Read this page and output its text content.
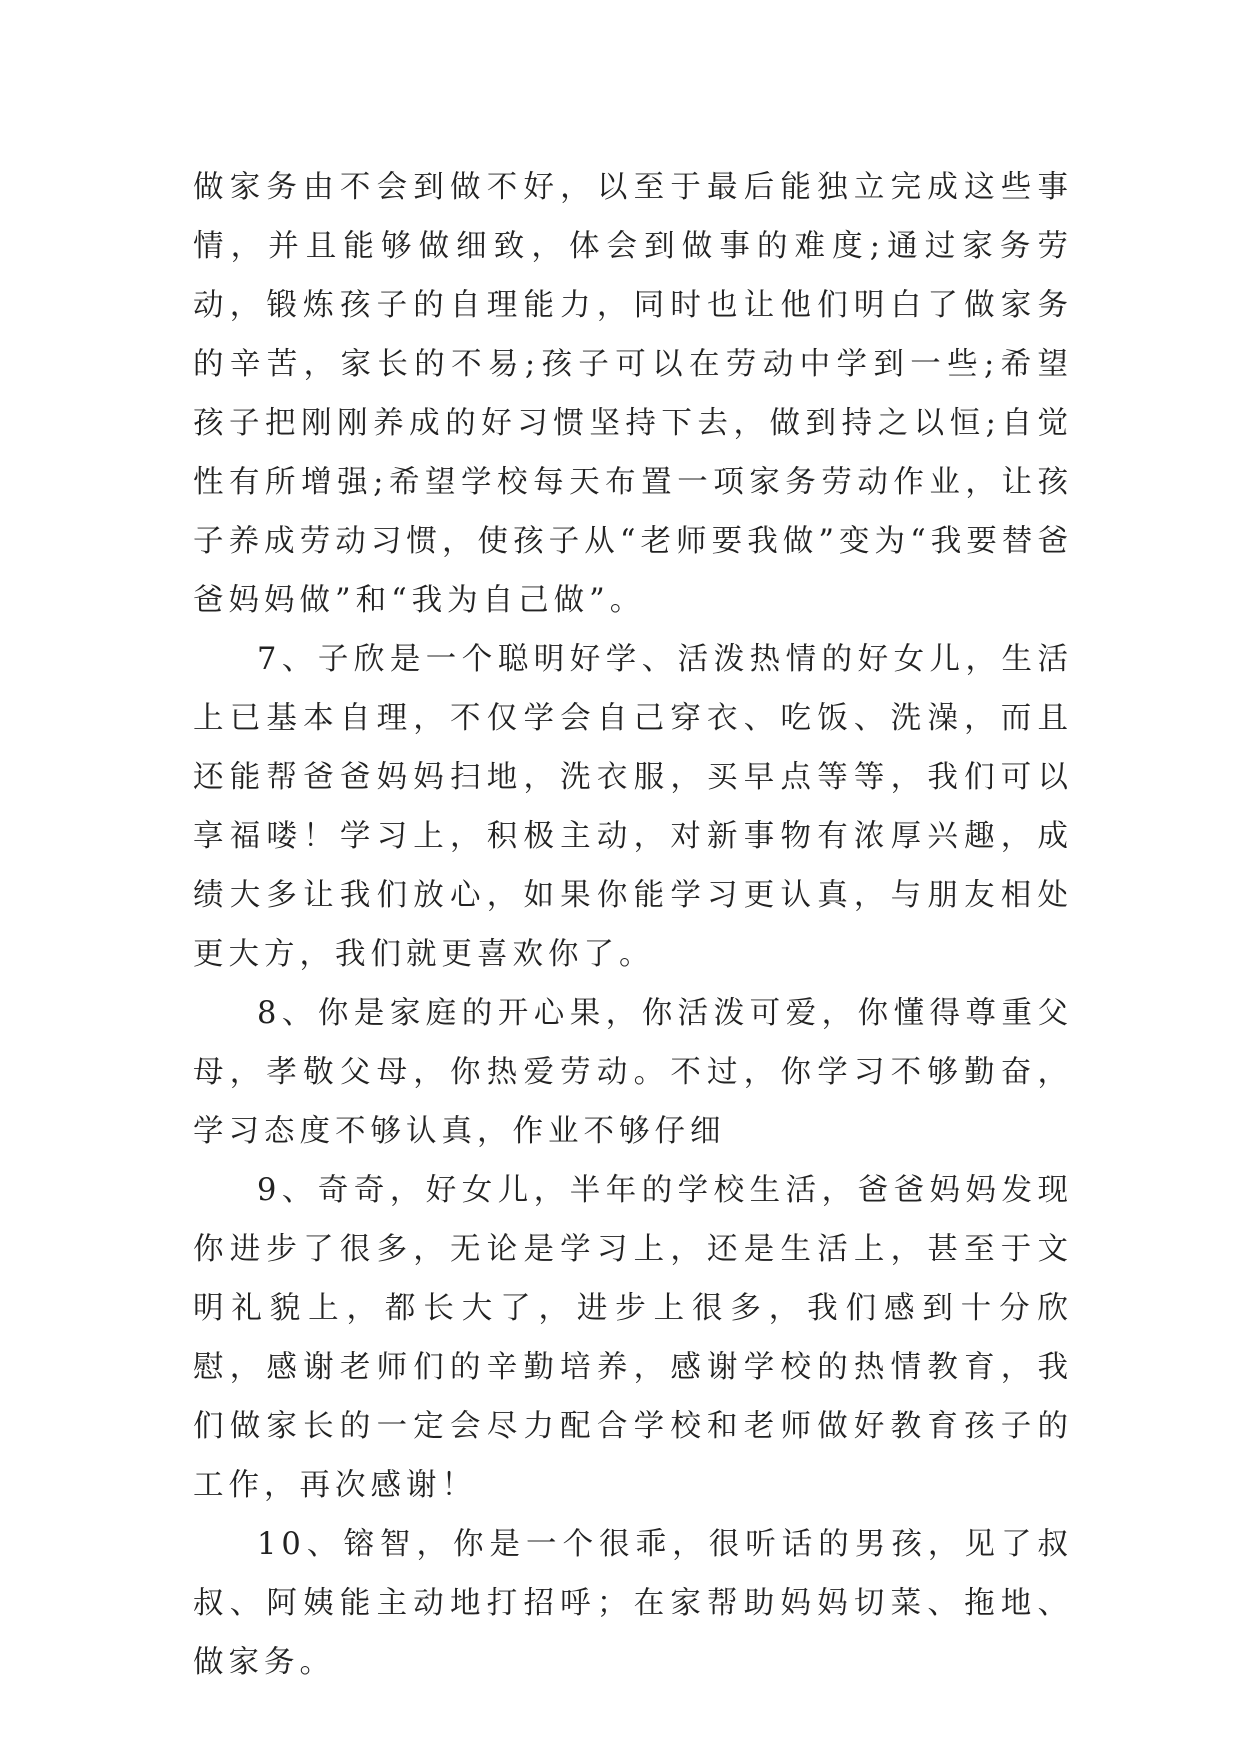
做家务由不会到做不好，以至于最后能独立完成这些事情，并且能够做细致，体会到做事的难度;通过家务劳动，锻炼孩子的自理能力，同时也让他们明白了做家务的辛苦，家长的不易;孩子可以在劳动中学到一些;希望孩子把刚刚养成的好习惯坚持下去，做到持之以恒;自觉性有所增强;希望学校每天布置一项家务劳动作业，让孩子养成劳动习惯，使孩子从“老师要我做”变为“我要替爸爸妈妈做”和“我为自己做”。

7、子欣是一个聪明好学、活泼热情的好女儿，生活上已基本自理，不仅学会自己穿衣、吃饭、洗澡，而且还能帮爸爸妈妈扫地，洗衣服，买早点等等，我们可以享福喽！学习上，积极主动，对新事物有浓厚兴趣，成绩大多让我们放心，如果你能学习更认真，与朋友相处更大方，我们就更喜欢你了。

8、你是家庭的开心果，你活泼可爱，你懂得尊重父母，孝敬父母，你热爱劳动。不过，你学习不够勤奋，学习态度不够认真，作业不够仔细

9、奇奇，好女儿，半年的学校生活，爸爸妈妈发现你进步了很多，无论是学习上，还是生活上，甚至于文明礼貌上，都长大了，进步上很多，我们感到十分欣慰，感谢老师们的辛勤培养，感谢学校的热情教育，我们做家长的一定会尽力配合学校和老师做好教育孩子的工作，再次感谢！

10、镕智，你是一个很乖，很听话的男孩，见了叔叔、阿姨能主动地打招呼；在家帮助妈妈切菜、拖地、做家务。
